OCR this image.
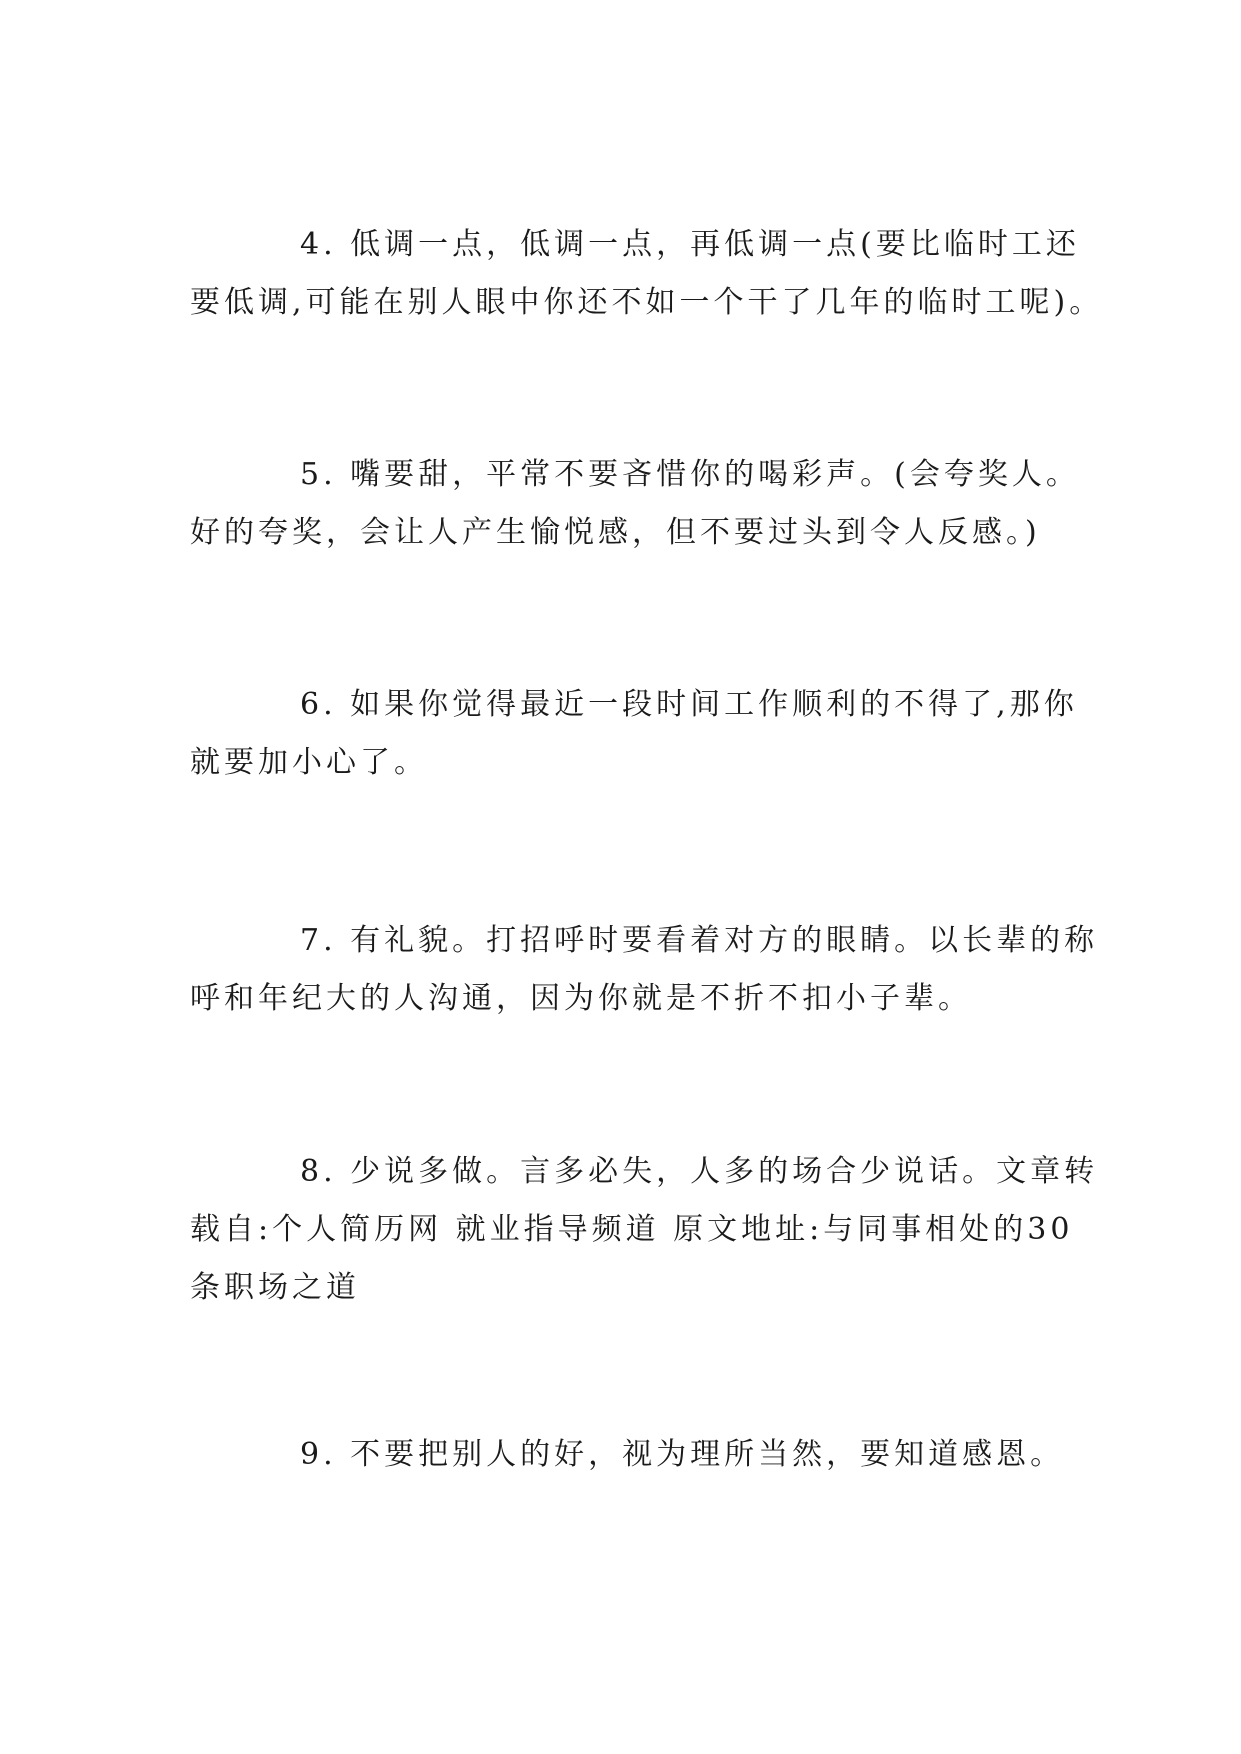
4. 低调一点，低调一点，再低调一点(要比临时工还
要低调,可能在别人眼中你还不如一个干了几年的临时工呢)。
5. 嘴要甜，平常不要吝惜你的喝彩声。(会夸奖人。
好的夸奖，会让人产生愉悦感，但不要过头到令人反感。)
6. 如果你觉得最近一段时间工作顺利的不得了,那你
就要加小心了。
7. 有礼貌。打招呼时要看着对方的眼睛。以长辈的称
呼和年纪大的人沟通，因为你就是不折不扣小子辈。
8. 少说多做。言多必失，人多的场合少说话。文章转
载自:个人简历网 就业指导频道 原文地址:与同事相处的30
条职场之道
9. 不要把别人的好，视为理所当然，要知道感恩。
